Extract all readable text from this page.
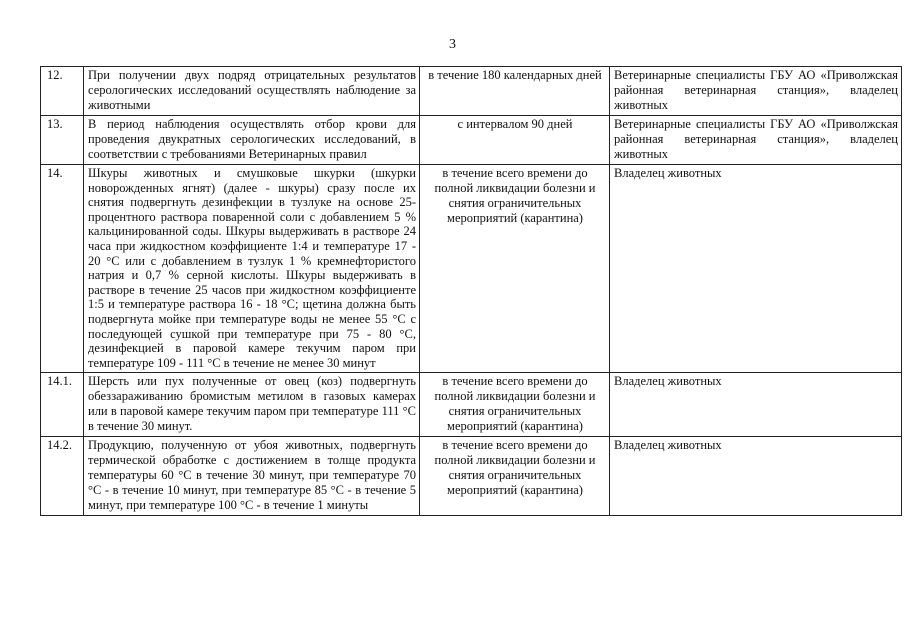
3
12.	При получении двух подряд отрицательных результатов серологических исследований осуществлять наблюдение за животными	в течение 180 календарных дней	Ветеринарные специалисты ГБУ АО «Приволжская районная ветеринарная станция», владелец животных
13.	В период наблюдения осуществлять отбор крови для проведения двукратных серологических исследований, в соответствии с требованиями Ветеринарных правил	с интервалом 90 дней	Ветеринарные специалисты ГБУ АО «Приволжская районная ветеринарная станция», владелец животных
14.	Шкуры животных и смушковые шкурки (шкурки новорожденных ягнят) (далее - шкуры) сразу после их снятия подвергнуть дезинфекции в тузлуке на основе 25-процентного раствора поваренной соли с добавлением 5 % кальцинированной соды. Шкуры выдерживать в растворе 24 часа при жидкостном коэффициенте 1:4 и температуре 17 - 20 °С или с добавлением в тузлук 1 % кремнефтористого натрия и 0,7 % серной кислоты. Шкуры выдерживать в растворе в течение 25 часов при жидкостном коэффициенте 1:5 и температуре раствора 16 - 18 °С; щетина должна быть подвергнута мойке при температуре воды не менее 55 °С с последующей сушкой при температуре при 75 - 80 °С, дезинфекцией в паровой камере текучим паром при температуре 109 - 111 °С в течение не менее 30 минут	в течение всего времени до полной ликвидации болезни и снятия ограничительных мероприятий (карантина)	Владелец животных
14.1.	Шерсть или пух полученные от овец (коз) подвергнуть обеззараживанию бромистым метилом в газовых камерах или в паровой камере текучим паром при температуре 111 °С в течение 30 минут.	в течение всего времени до полной ликвидации болезни и снятия ограничительных мероприятий (карантина)	Владелец животных
14.2.	Продукцию, полученную от убоя животных, подвергнуть термической обработке с достижением в толще продукта температуры 60 °С в течение 30 минут, при температуре 70 °С - в течение 10 минут, при температуре 85 °С - в течение 5 минут, при температуре 100 °С - в течение 1 минуты	в течение всего времени до полной ликвидации болезни и снятия ограничительных мероприятий (карантина)	Владелец животных
